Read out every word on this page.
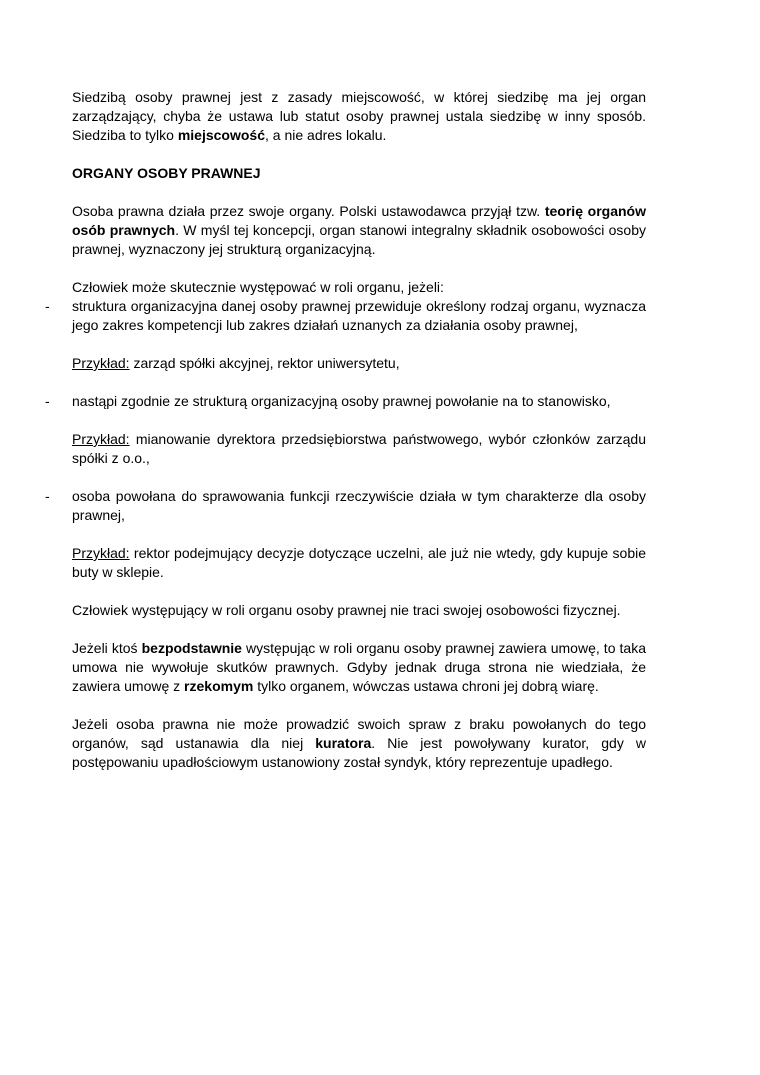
Siedzibą osoby prawnej jest z zasady miejscowość, w której siedzibę ma jej organ zarządzający, chyba że ustawa lub statut osoby prawnej ustala siedzibę w inny sposób. Siedziba to tylko miejscowość, a nie adres lokalu.
ORGANY OSOBY PRAWNEJ
Osoba prawna działa przez swoje organy. Polski ustawodawca przyjął tzw. teorię organów osób prawnych. W myśl tej koncepcji, organ stanowi integralny składnik osobowości osoby prawnej, wyznaczony jej strukturą organizacyjną.
Człowiek może skutecznie występować w roli organu, jeżeli:
- struktura organizacyjna danej osoby prawnej przewiduje określony rodzaj organu, wyznacza jego zakres kompetencji lub zakres działań uznanych za działania osoby prawnej,
Przykład: zarząd spółki akcyjnej, rektor uniwersytetu,
- nastąpi zgodnie ze strukturą organizacyjną osoby prawnej powołanie na to stanowisko,
Przykład: mianowanie dyrektora przedsiębiorstwa państwowego, wybór członków zarządu spółki z o.o.,
- osoba powołana do sprawowania funkcji rzeczywiście działa w tym charakterze dla osoby prawnej,
Przykład: rektor podejmujący decyzje dotyczące uczelni, ale już nie wtedy, gdy kupuje sobie buty w sklepie.
Człowiek występujący w roli organu osoby prawnej nie traci swojej osobowości fizycznej.
Jeżeli ktoś bezpodstawnie występując w roli organu osoby prawnej zawiera umowę, to taka umowa nie wywołuje skutków prawnych. Gdyby jednak druga strona nie wiedziała, że zawiera umowę z rzekomym tylko organem, wówczas ustawa chroni jej dobrą wiarę.
Jeżeli osoba prawna nie może prowadzić swoich spraw z braku powołanych do tego organów, sąd ustanawia dla niej kuratora. Nie jest powoływany kurator, gdy w postępowaniu upadłościowym ustanowiony został syndyk, który reprezentuje upadłego.
